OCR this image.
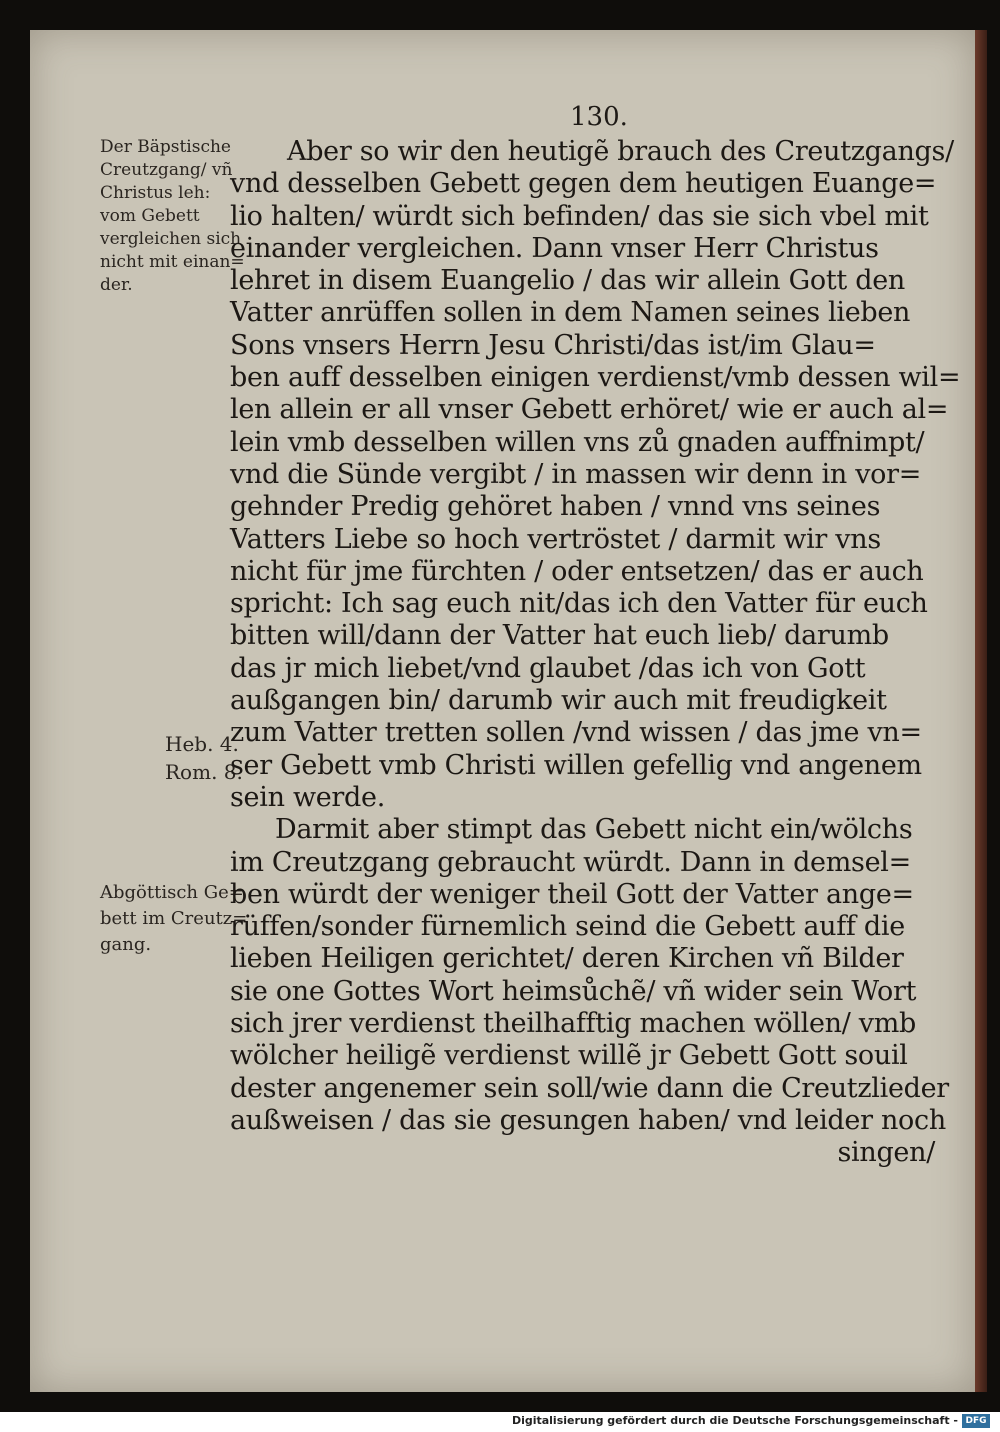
130.
Der Bäpstische
Creutzgang/ vñ
Christus leh:
vom Gebett
vergleichen sich
nicht mit einan=
der.
Heb. 4.
Rom. 8.
Abgöttisch Ge=
bett im Creutz=
gang.
Aber so wir den heutigẽ brauch des Creutzgangs/
vnd desselben Gebett gegen dem heutigen Euange=
lio halten/ würdt sich befinden/ das sie sich vbel mit
einander vergleichen. Dann vnser Herr Christus
lehret in disem Euangelio / das wir allein Gott den
Vatter anrüffen sollen in dem Namen seines lieben
Sons vnsers Herrn Jesu Christi/das ist/im Glau=
ben auff desselben einigen verdienst/vmb dessen wil=
len allein er all vnser Gebett erhöret/ wie er auch al=
lein vmb desselben willen vns zů gnaden auffnimpt/
vnd die Sünde vergibt / in massen wir denn in vor=
gehnder Predig gehöret haben / vnnd vns seines
Vatters Liebe so hoch vertröstet / darmit wir vns
nicht für jme fürchten / oder entsetzen/ das er auch
spricht: Ich sag euch nit/das ich den Vatter für euch
bitten will/dann der Vatter hat euch lieb/ darumb
das jr mich liebet/vnd glaubet /das ich von Gott
außgangen bin/ darumb wir auch mit freudigkeit
zum Vatter tretten sollen /vnd wissen / das jme vn=
ser Gebett vmb Christi willen gefellig vnd angenem
sein werde.
Darmit aber stimpt das Gebett nicht ein/wölchs
im Creutzgang gebraucht würdt. Dann in demsel=
ben würdt der weniger theil Gott der Vatter ange=
rüffen/sonder fürnemlich seind die Gebett auff die
lieben Heiligen gerichtet/ deren Kirchen vñ Bilder
sie one Gottes Wort heimsůchẽ/ vñ wider sein Wort
sich jrer verdienst theilhafftig machen wöllen/ vmb
wölcher heiligẽ verdienst willẽ jr Gebett Gott souil
dester angenemer sein soll/wie dann die Creutzlieder
außweisen / das sie gesungen haben/ vnd leider noch
singen/
Digitalisierung gefördert durch die Deutsche Forschungsgemeinschaft - DFG
